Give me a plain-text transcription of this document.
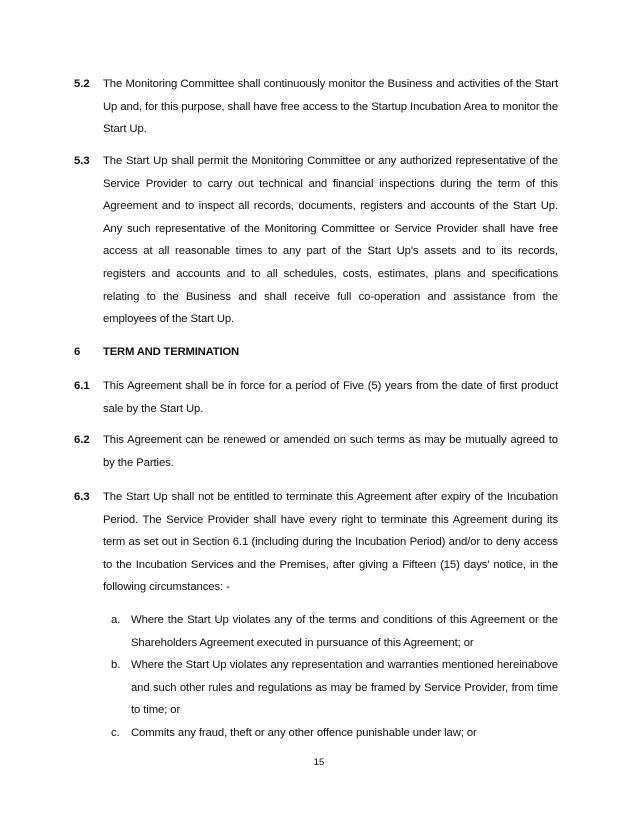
5.2 The Monitoring Committee shall continuously monitor the Business and activities of the Start Up and, for this purpose, shall have free access to the Startup Incubation Area to monitor the Start Up.
5.3 The Start Up shall permit the Monitoring Committee or any authorized representative of the Service Provider to carry out technical and financial inspections during the term of this Agreement and to inspect all records, documents, registers and accounts of the Start Up. Any such representative of the Monitoring Committee or Service Provider shall have free access at all reasonable times to any part of the Start Up's assets and to its records, registers and accounts and to all schedules, costs, estimates, plans and specifications relating to the Business and shall receive full co-operation and assistance from the employees of the Start Up.
6 TERM AND TERMINATION
6.1 This Agreement shall be in force for a period of Five (5) years from the date of first product sale by the Start Up.
6.2 This Agreement can be renewed or amended on such terms as may be mutually agreed to by the Parties.
6.3 The Start Up shall not be entitled to terminate this Agreement after expiry of the Incubation Period. The Service Provider shall have every right to terminate this Agreement during its term as set out in Section 6.1 (including during the Incubation Period) and/or to deny access to the Incubation Services and the Premises, after giving a Fifteen (15) days’ notice, in the following circumstances: -
a. Where the Start Up violates any of the terms and conditions of this Agreement or the Shareholders Agreement executed in pursuance of this Agreement; or
b. Where the Start Up violates any representation and warranties mentioned hereinabove and such other rules and regulations as may be framed by Service Provider, from time to time; or
c. Commits any fraud, theft or any other offence punishable under law; or
15
